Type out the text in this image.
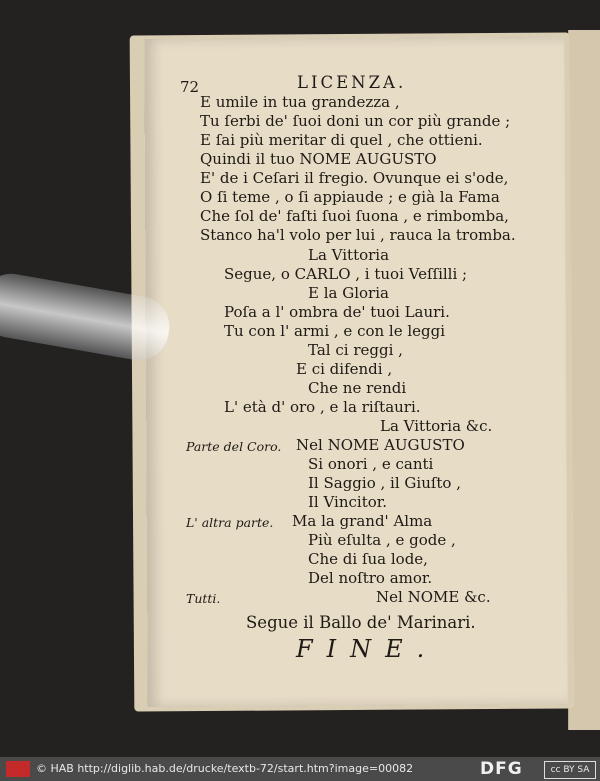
72	LICENZA.
E umile in tua grandezza ,
Tu ſerbi de' ſuoi doni un cor più grande ;
E ſai più meritar di quel , che ottieni.
Quindi il tuo NOME AUGUSTO
E' de i Ceſari il fregio. Ovunque ei s'ode,
O ſi teme , o ſi appiaude ; e già la Fama
Che ſol de' faſti ſuoi ſuona , e rimbomba,
Stanco ha'l volo per lui , rauca la tromba.
La Vittoria
Segue, o CARLO , i tuoi Veſſilli ;
E la Gloria
Poſa a l' ombra de' tuoi Lauri.
Tu con l' armi , e con le leggi
Tal ci reggi ,
E ci difendi ,
Che ne rendi
L' età d' oro , e la riſtauri.
La Vittoria &c.
Parte del Coro. Nel NOME AUGUSTO
Si onori , e canti
Il Saggio , il Giuſto ,
Il Vincitor.
L' altra parte. Ma la grand' Alma
Più eſulta , e gode ,
Che di ſua lode,
Del noſtro amor.
Tutti.	Nel NOME &c.
Segue il Ballo de' Marinari.
FINE.
© HAB http://diglib.hab.de/drucke/textb-72/start.htm?image=00082	DFG	cc BY SA
